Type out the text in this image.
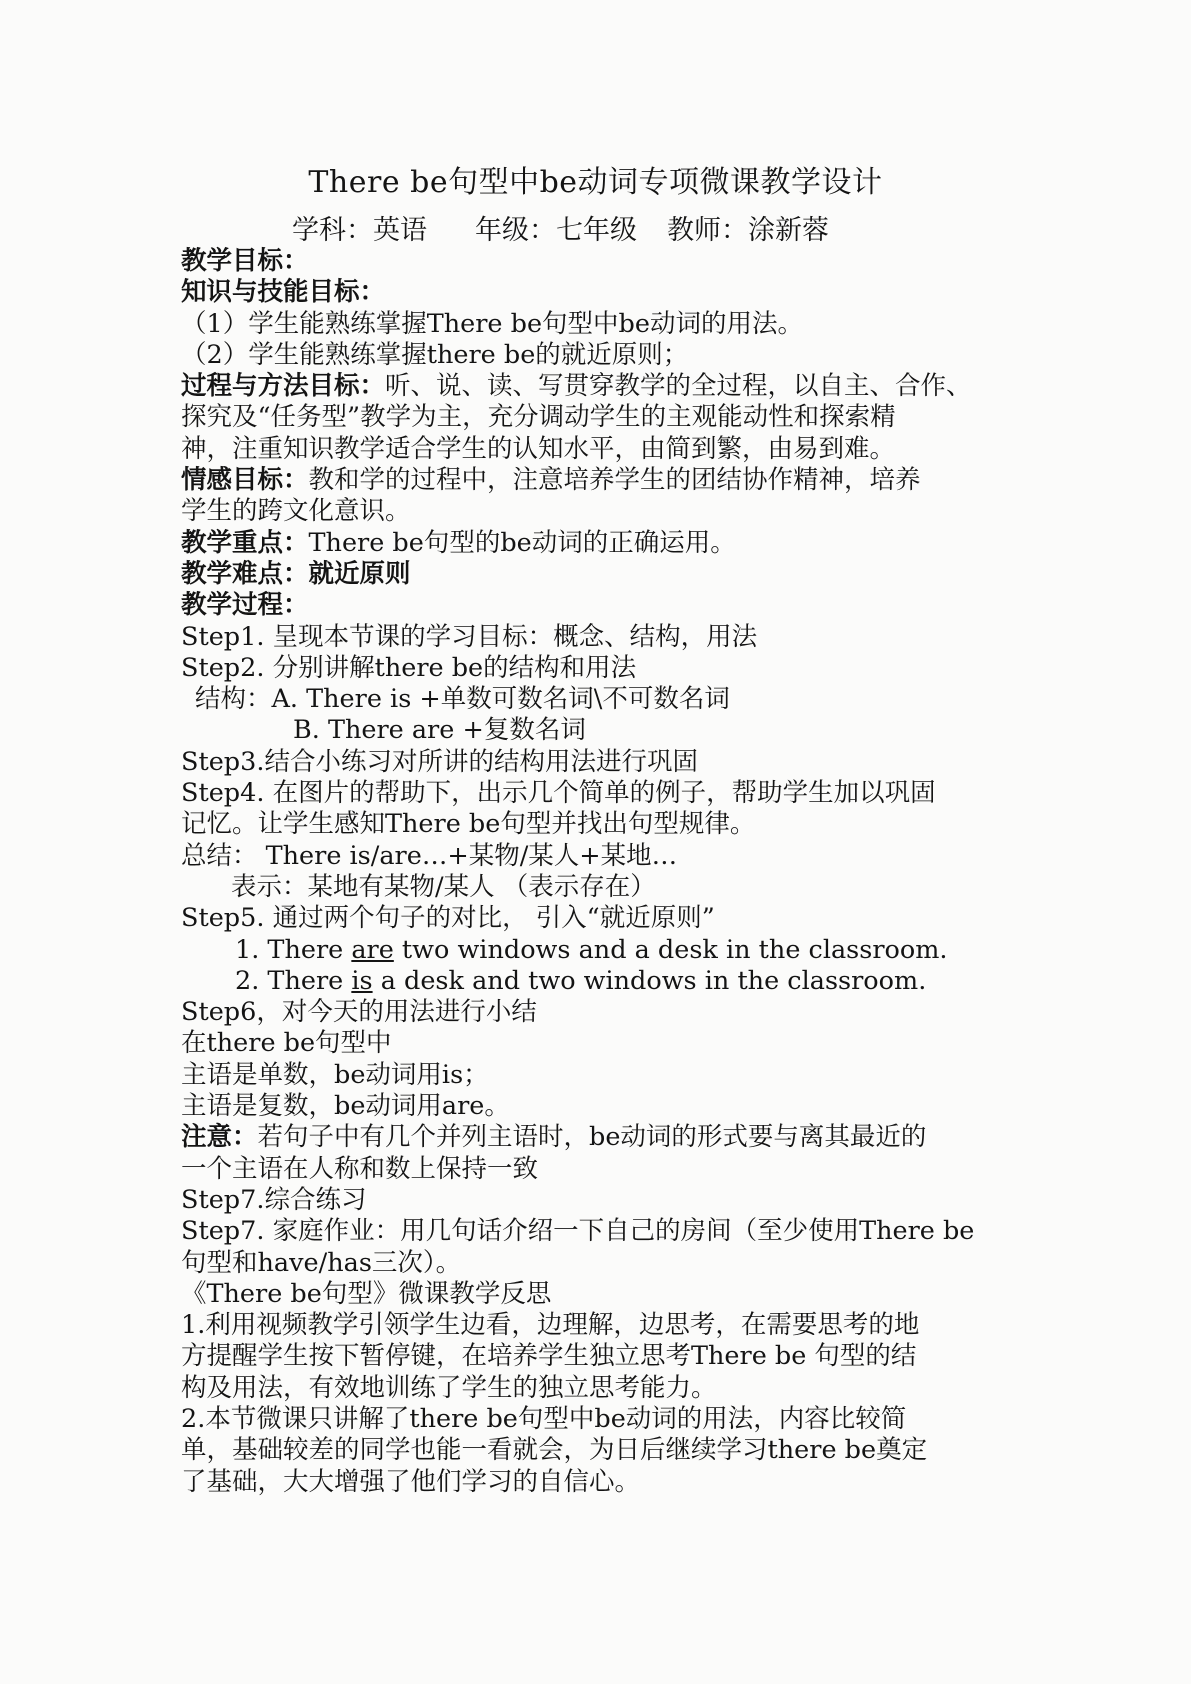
There be句型中be动词专项微课教学设计
学科：英语 年级：七年级 教师：涂新蓉
教学目标：
知识与技能目标：
（1）学生能熟练掌握There be句型中be动词的用法。
（2）学生能熟练掌握there be的就近原则；
过程与方法目标：听、说、读、写贯穿教学的全过程，以自主、合作、
探究及“任务型”教学为主，充分调动学生的主观能动性和探索精
神，注重知识教学适合学生的认知水平，由简到繁，由易到难。
情感目标：教和学的过程中，注意培养学生的团结协作精神，培养
学生的跨文化意识。
教学重点：There be句型的be动词的正确运用。
教学难点：就近原则
教学过程：
Step1. 呈现本节课的学习目标：概念、结构，用法
Step2. 分别讲解there be的结构和用法
结构：A. There is +单数可数名词\不可数名词
B. There are +复数名词
Step3.结合小练习对所讲的结构用法进行巩固
Step4. 在图片的帮助下，出示几个简单的例子，帮助学生加以巩固
记忆。让学生感知There be句型并找出句型规律。
总结： There is/are…+某物/某人+某地…
表示：某地有某物/某人 （表示存在）
Step5. 通过两个句子的对比， 引入“就近原则”
1. There are two windows and a desk in the classroom.
2. There is a desk and two windows in the classroom.
Step6，对今天的用法进行小结
在there be句型中
主语是单数，be动词用is；
主语是复数，be动词用are。
注意：若句子中有几个并列主语时，be动词的形式要与离其最近的
一个主语在人称和数上保持一致
Step7.综合练习
Step7. 家庭作业：用几句话介绍一下自己的房间（至少使用There be
句型和have/has三次）。
《There be句型》微课教学反思
1.利用视频教学引领学生边看，边理解，边思考，在需要思考的地
方提醒学生按下暂停键，在培养学生独立思考There be 句型的结
构及用法，有效地训练了学生的独立思考能力。
2.本节微课只讲解了there be句型中be动词的用法，内容比较简
单，基础较差的同学也能一看就会，为日后继续学习there be奠定
了基础，大大增强了他们学习的自信心。
